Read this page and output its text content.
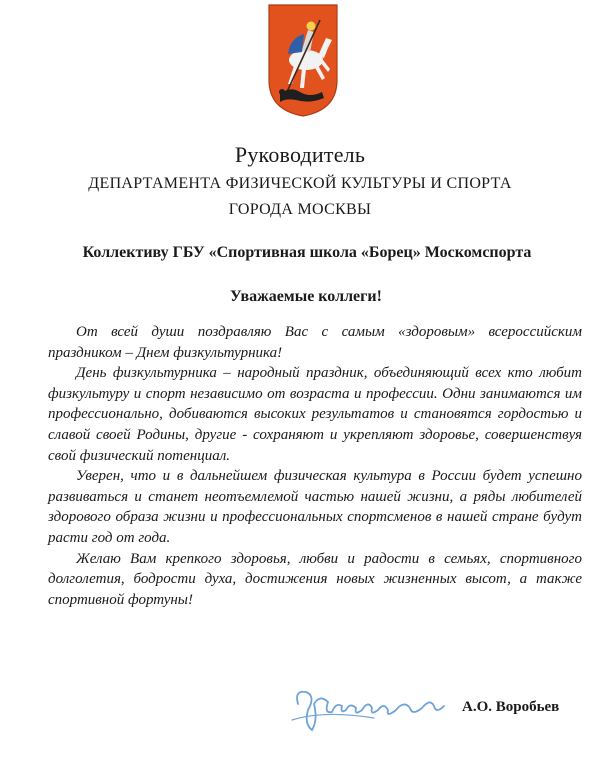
Руководитель
ДЕПАРТАМЕНТА ФИЗИЧЕСКОЙ КУЛЬТУРЫ И СПОРТА
ГОРОДА МОСКВЫ
Коллективу ГБУ «Спортивная школа «Борец» Москомспорта
Уважаемые коллеги!

От всей души поздравляю Вас с самым «здоровым» всероссийским праздником – Днем физкультурника!

День физкультурника – народный праздник, объединяющий всех кто любит физкультуру и спорт независимо от возраста и профессии. Одни занимаются им профессионально, добиваются высоких результатов и становятся гордостью и славой своей Родины, другие - сохраняют и укрепляют здоровье, совершенствуя свой физический потенциал.

Уверен, что и в дальнейшем физическая культура в России будет успешно развиваться и станет неотъемлемой частью нашей жизни, а ряды любителей здорового образа жизни и профессиональных спортсменов в нашей стране будут расти год от года.

Желаю Вам крепкого здоровья, любви и радости в семьях, спортивного долголетия, бодрости духа, достижения новых жизненных высот, а также спортивной фортуны!

А.О. Воробьев
